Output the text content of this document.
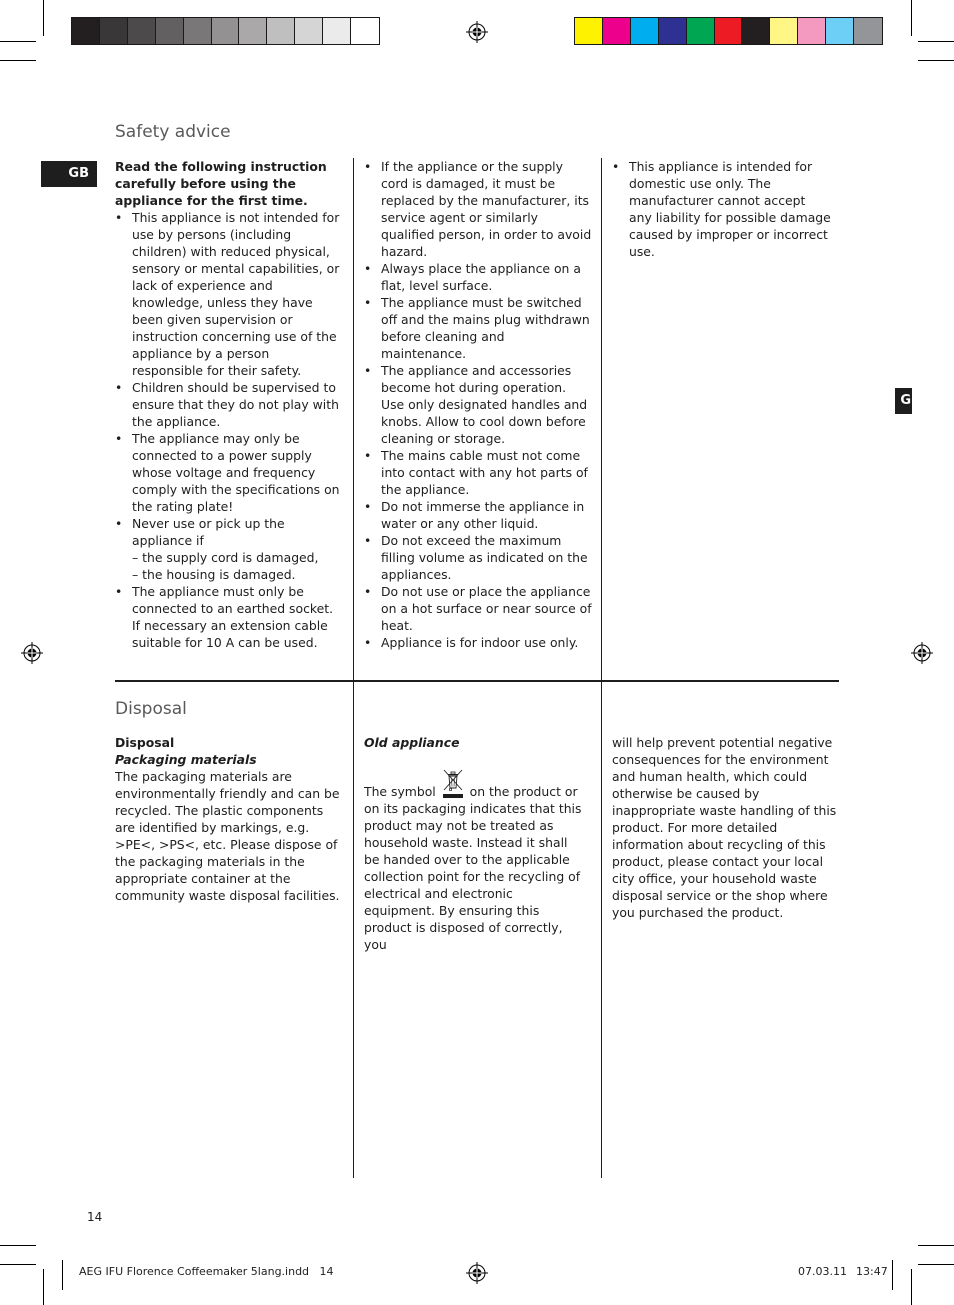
GB
G
Safety advice

Read the following instruction carefully before using the appliance for the first time.

• This appliance is not intended for use by persons (including children) with reduced physical, sensory or mental capabilities, or lack of experience and knowledge, unless they have been given supervision or instruction concerning use of the appliance by a person responsible for their safety.
• Children should be supervised to ensure that they do not play with the appliance.
• The appliance may only be connected to a power supply whose voltage and frequency comply with the specifications on the rating plate!
• Never use or pick up the appliance if
– the supply cord is damaged,
– the housing is damaged.
• The appliance must only be connected to an earthed socket. If necessary an extension cable suitable for 10 A can be used.
• If the appliance or the supply cord is damaged, it must be replaced by the manufacturer, its service agent or similarly qualified person, in order to avoid hazard.
• Always place the appliance on a flat, level surface.
• The appliance must be switched off and the mains plug withdrawn before cleaning and maintenance.
• The appliance and accessories become hot during operation. Use only designated handles and knobs. Allow to cool down before cleaning or storage.
• The mains cable must not come into contact with any hot parts of the appliance.
• Do not immerse the appliance in water or any other liquid.
• Do not exceed the maximum filling volume as indicated on the appliances.
• Do not use or place the appliance on a hot surface or near source of heat.
• Appliance is for indoor use only.
• This appliance is intended for domestic use only. The manufacturer cannot accept any liability for possible damage caused by improper or incorrect use.
Disposal

Disposal

Packaging materials

The packaging materials are environmentally friendly and can be recycled. The plastic components are identified by markings, e.g. >PE<, >PS<, etc. Please dispose of the packaging materials in the appropriate container at the community waste disposal facilities.

Old appliance

The symbol	on the product or on its packaging indicates that this product may not be treated as household waste. Instead it shall be handed over to the applicable collection point for the recycling of electrical and electronic equipment. By ensuring this product is disposed of correctly, you

will help prevent potential negative consequences for the environment and human health, which could otherwise be caused by inappropriate waste handling of this product. For more detailed information about recycling of this product, please contact your local city office, your household waste disposal service or the shop where you purchased the product.

14
AEG IFU Florence Coffeemaker 5lang.indd   14	07.03.11 13:47
